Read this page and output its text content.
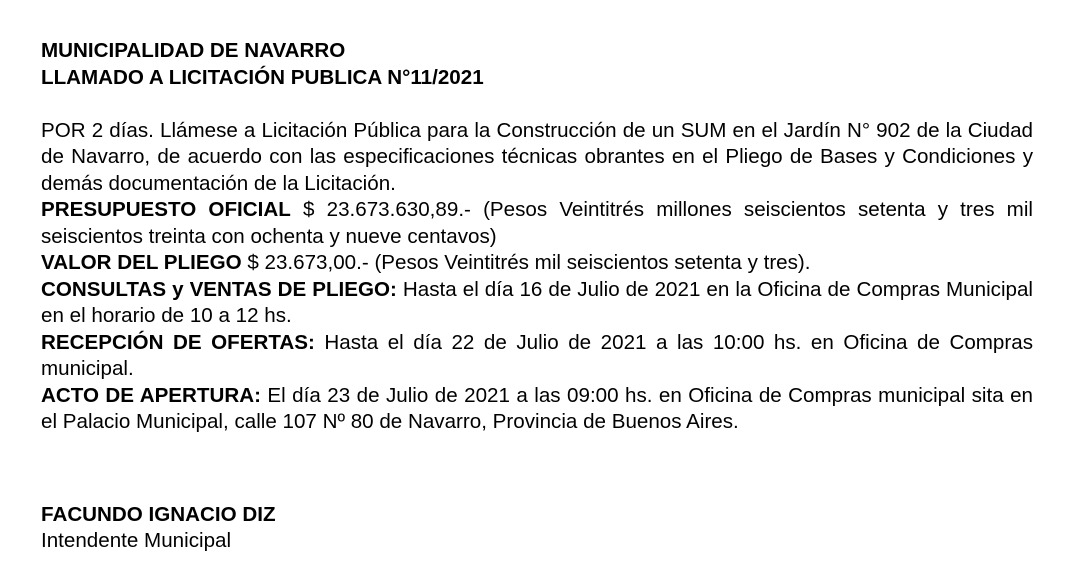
MUNICIPALIDAD DE NAVARRO

LLAMADO A LICITACIÓN PUBLICA N°11/2021

POR 2 días. Llámese a Licitación Pública para la Construcción de un SUM en el Jardín N° 902 de la Ciudad de Navarro, de acuerdo con las especificaciones técnicas obrantes en el Pliego de Bases y Condiciones y demás documentación de la Licitación.

PRESUPUESTO OFICIAL $ 23.673.630,89.- (Pesos Veintitrés millones seiscientos setenta y tres mil seiscientos treinta con ochenta y nueve centavos)

VALOR DEL PLIEGO $ 23.673,00.- (Pesos Veintitrés mil seiscientos setenta y tres).

CONSULTAS y VENTAS DE PLIEGO: Hasta el día 16 de Julio de 2021 en la Oficina de Compras Municipal en el horario de 10 a 12 hs.

RECEPCIÓN DE OFERTAS: Hasta el día 22 de Julio de 2021 a las 10:00 hs. en Oficina de Compras municipal.

ACTO DE APERTURA: El día 23 de Julio de 2021 a las 09:00 hs. en Oficina de Compras municipal sita en el Palacio Municipal, calle 107 Nº 80 de Navarro, Provincia de Buenos Aires.

FACUNDO IGNACIO DIZ

Intendente Municipal
